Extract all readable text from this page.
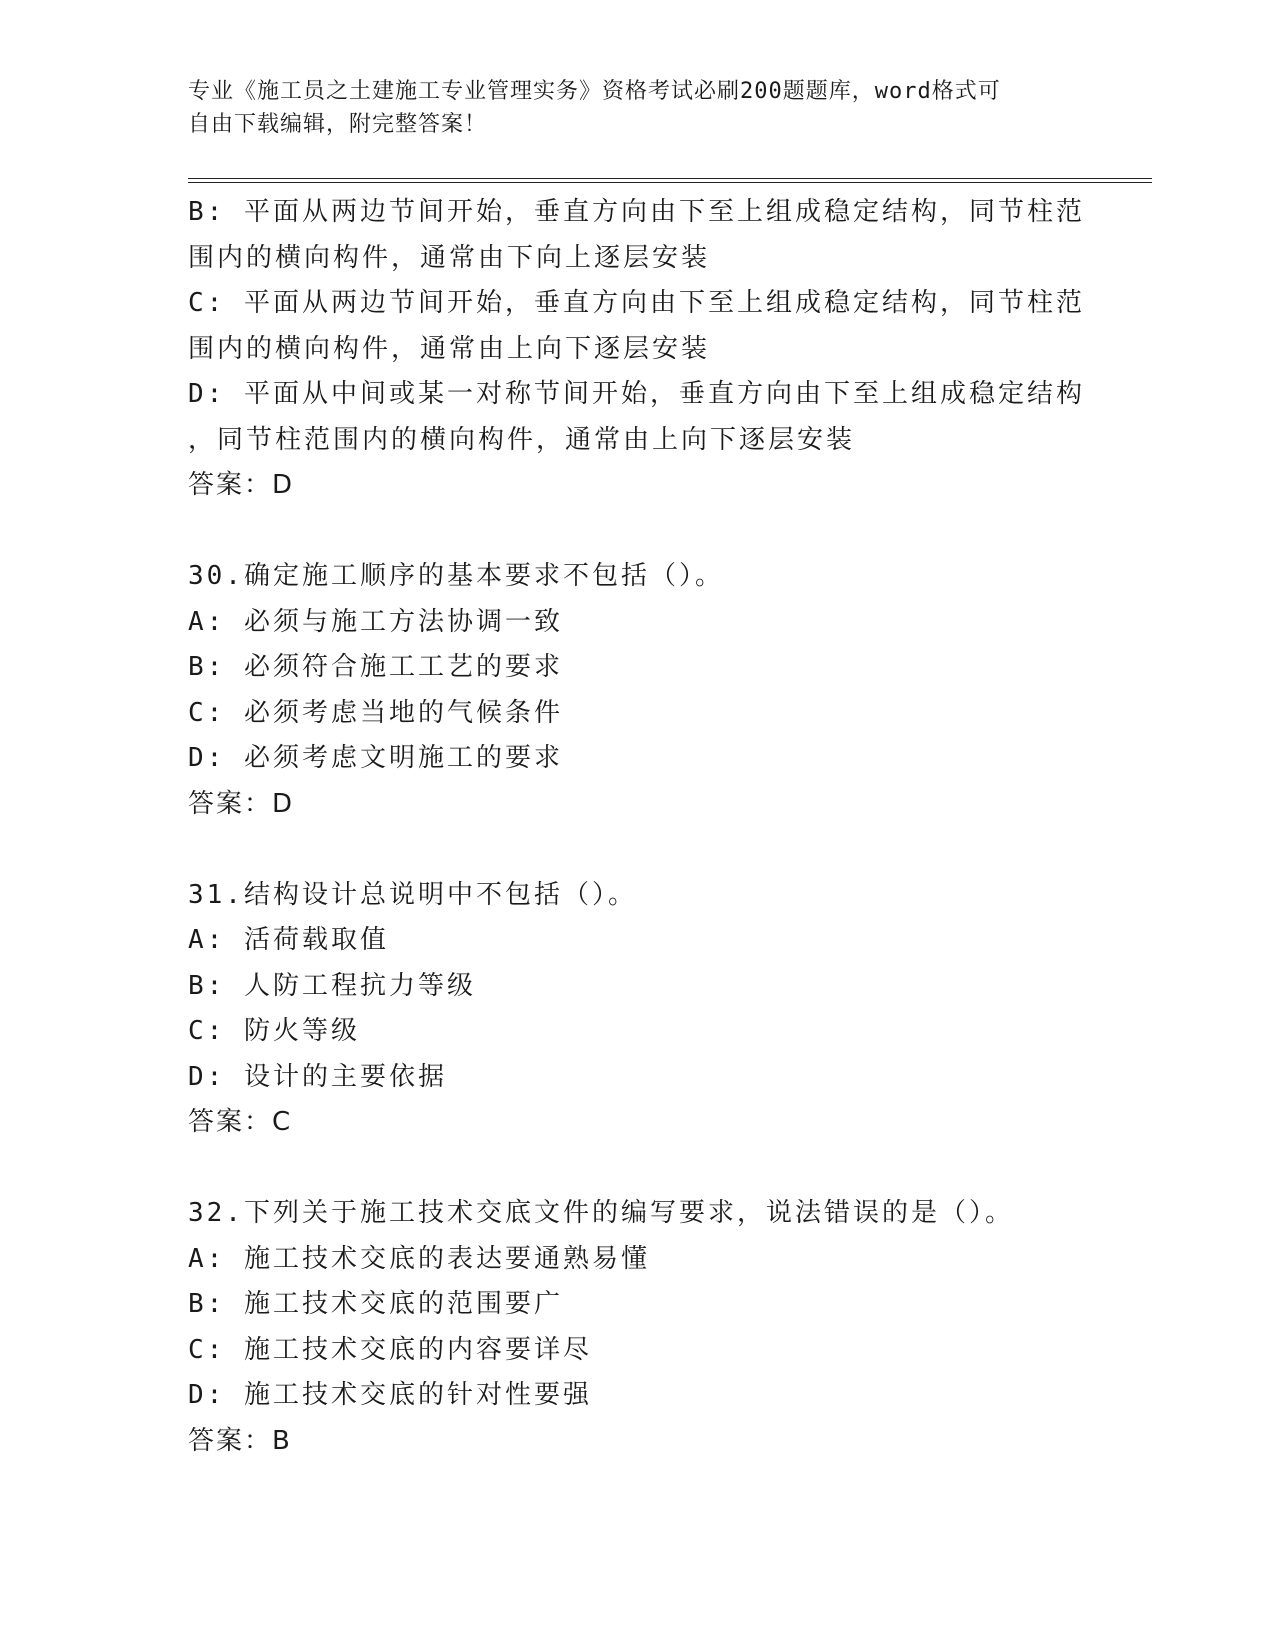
专业《施工员之土建施工专业管理实务》资格考试必刷200题题库，word格式可
自由下载编辑，附完整答案！
B: 平面从两边节间开始，垂直方向由下至上组成稳定结构，同节柱范
围内的横向构件，通常由下向上逐层安装
C: 平面从两边节间开始，垂直方向由下至上组成稳定结构，同节柱范
围内的横向构件，通常由上向下逐层安装
D: 平面从中间或某一对称节间开始，垂直方向由下至上组成稳定结构
，同节柱范围内的横向构件，通常由上向下逐层安装
答案：D
30.确定施工顺序的基本要求不包括（）。
A: 必须与施工方法协调一致
B: 必须符合施工工艺的要求
C: 必须考虑当地的气候条件
D: 必须考虑文明施工的要求
答案：D
31.结构设计总说明中不包括（）。
A: 活荷载取值
B: 人防工程抗力等级
C: 防火等级
D: 设计的主要依据
答案：C
32.下列关于施工技术交底文件的编写要求，说法错误的是（）。
A: 施工技术交底的表达要通熟易懂
B: 施工技术交底的范围要广
C: 施工技术交底的内容要详尽
D: 施工技术交底的针对性要强
答案：B
